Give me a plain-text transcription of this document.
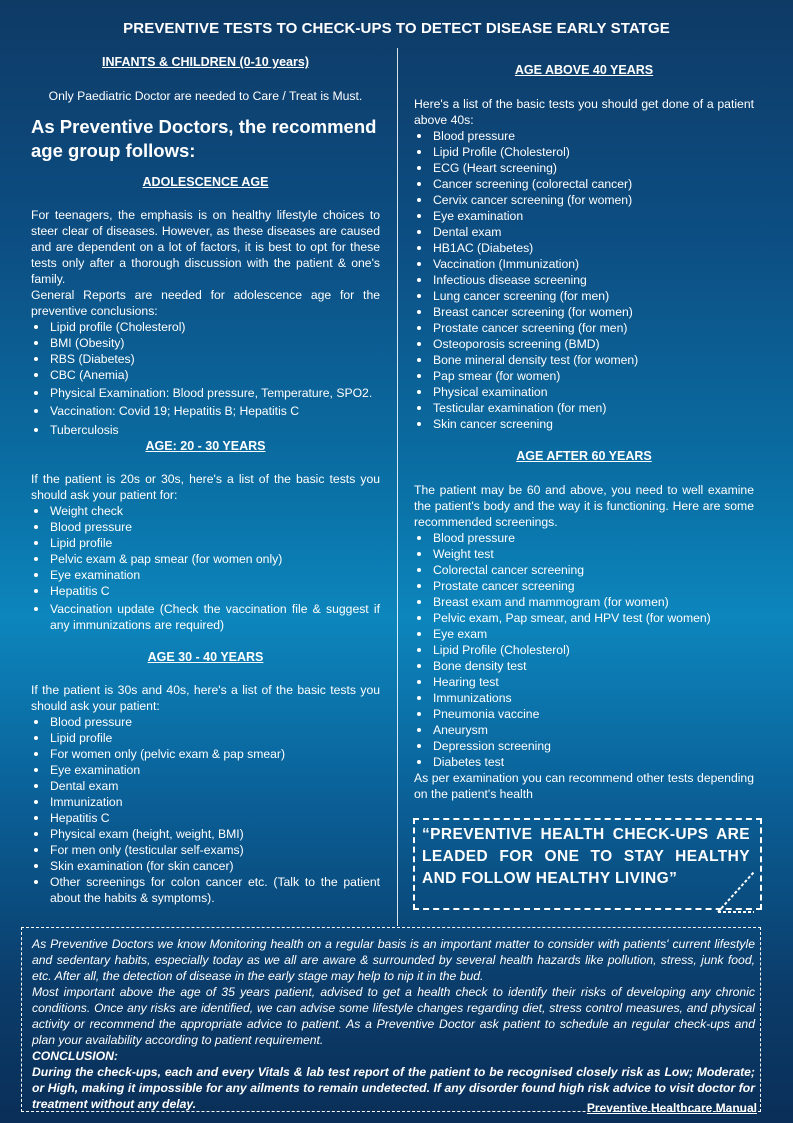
PREVENTIVE TESTS TO CHECK-UPS TO DETECT DISEASE EARLY STATGE

INFANTS & CHILDREN (0-10 years)

Only Paediatric Doctor are needed to Care / Treat is Must.

As Preventive Doctors, the recommend age group follows:

ADOLESCENCE AGE

For teenagers, the emphasis is on healthy lifestyle choices to steer clear of diseases. However, as these diseases are caused and are dependent on a lot of factors, it is best to opt for these tests only after a thorough discussion with the patient & one's family.

General Reports are needed for adolescence age for the preventive conclusions:

Lipid profile (Cholesterol)
BMI (Obesity)
RBS (Diabetes)
CBC (Anemia)
Physical Examination: Blood pressure, Temperature, SPO2.
Vaccination: Covid 19; Hepatitis B; Hepatitis C
Tuberculosis

AGE: 20 - 30 YEARS

If the patient is 20s or 30s, here's a list of the basic tests you should ask your patient for:

Weight check
Blood pressure
Lipid profile
Pelvic exam & pap smear (for women only)
Eye examination
Hepatitis C
Vaccination update (Check the vaccination file & suggest if any immunizations are required)

AGE 30 - 40 YEARS

If the patient is 30s and 40s, here's a list of the basic tests you should ask your patient:

Blood pressure
Lipid profile
For women only (pelvic exam & pap smear)
Eye examination
Dental exam
Immunization
Hepatitis C
Physical exam (height, weight, BMI)
For men only (testicular self-exams)
Skin examination (for skin cancer)
Other screenings for colon cancer etc. (Talk to the patient about the habits & symptoms).

AGE ABOVE 40 YEARS

Here's a list of the basic tests you should get done of a patient above 40s:

Blood pressure
Lipid Profile (Cholesterol)
ECG (Heart screening)
Cancer screening (colorectal cancer)
Cervix cancer screening (for women)
Eye examination
Dental exam
HB1AC (Diabetes)
Vaccination (Immunization)
Infectious disease screening
Lung cancer screening (for men)
Breast cancer screening (for women)
Prostate cancer screening (for men)
Osteoporosis screening (BMD)
Bone mineral density test (for women)
Pap smear (for women)
Physical examination
Testicular examination (for men)
Skin cancer screening

AGE AFTER 60 YEARS

The patient may be 60 and above, you need to well examine the patient's body and the way it is functioning. Here are some recommended screenings.

Blood pressure
Weight test
Colorectal cancer screening
Prostate cancer screening
Breast exam and mammogram (for women)
Pelvic exam, Pap smear, and HPV test (for women)
Eye exam
Lipid Profile (Cholesterol)
Bone density test
Hearing test
Immunizations
Pneumonia vaccine
Aneurysm
Depression screening
Diabetes test

As per examination you can recommend other tests depending on the patient's health

“PREVENTIVE HEALTH CHECK-UPS ARE LEADED FOR ONE TO STAY HEALTHY AND FOLLOW HEALTHY LIVING”

As Preventive Doctors we know Monitoring health on a regular basis is an important matter to consider with patients' current lifestyle and sedentary habits, especially today as we all are aware & surrounded by several health hazards like pollution, stress, junk food, etc. After all, the detection of disease in the early stage may help to nip it in the bud.

Most important above the age of 35 years patient, advised to get a health check to identify their risks of developing any chronic conditions. Once any risks are identified, we can advise some lifestyle changes regarding diet, stress control measures, and physical activity or recommend the appropriate advice to patient. As a Preventive Doctor ask patient to schedule an regular check-ups and plan your availability according to patient requirement.

CONCLUSION:

During the check-ups, each and every Vitals & lab test report of the patient to be recognised closely risk as Low; Moderate; or High, making it impossible for any ailments to remain undetected. If any disorder found high risk advice to visit doctor for treatment without any delay.	Preventive Healthcare Manual
